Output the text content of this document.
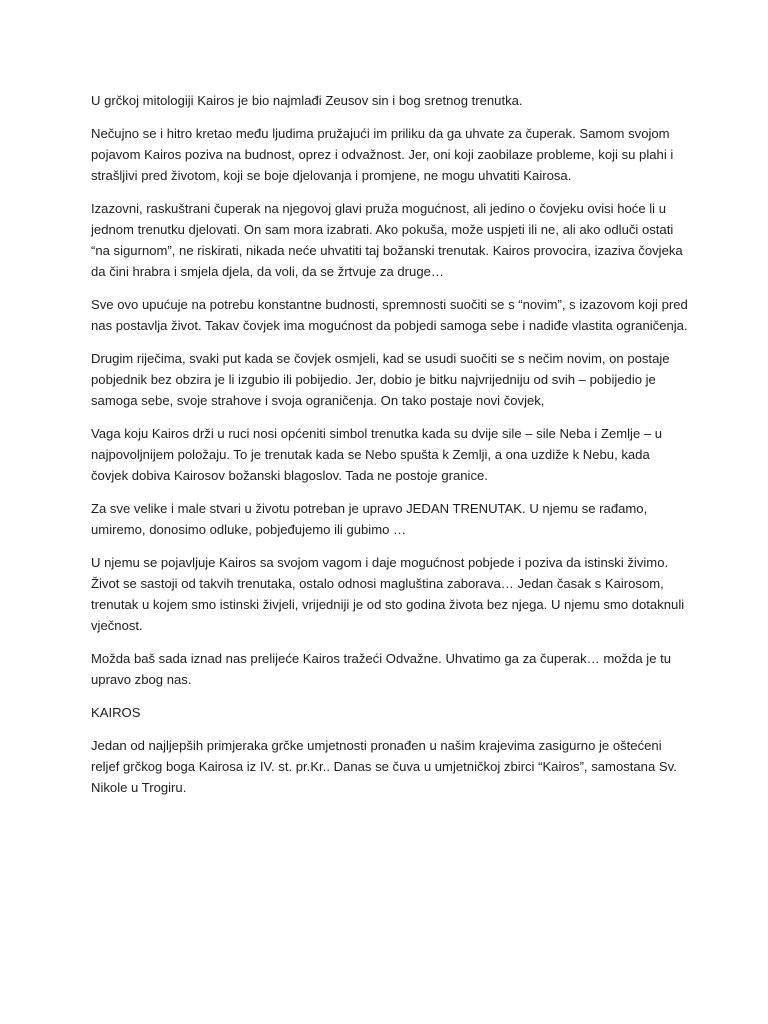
U grčkoj mitologiji Kairos je bio najmlađi Zeusov sin i bog sretnog trenutka.

Nečujno se i hitro kretao među ljudima pružajući im priliku da ga uhvate za čuperak. Samom svojom pojavom Kairos poziva na budnost, oprez i odvažnost. Jer, oni koji zaobilaze probleme, koji su plahi i strašljivi pred životom, koji se boje djelovanja i promjene, ne mogu uhvatiti Kairosa.

Izazovni, raskuštrani čuperak na njegovoj glavi pruža mogućnost, ali jedino o čovjeku ovisi hoće li u jednom trenutku djelovati. On sam mora izabrati. Ako pokuša, može uspjeti ili ne, ali ako odluči ostati “na sigurnom”, ne riskirati, nikada neće uhvatiti taj božanski trenutak. Kairos provocira, izaziva čovjeka da čini hrabra i smjela djela, da voli, da se žrtvuje za druge…

Sve ovo upućuje na potrebu konstantne budnosti, spremnosti suočiti se s “novim”, s izazovom koji pred nas postavlja život. Takav čovjek ima mogućnost da pobjedi samoga sebe i nadiđe vlastita ograničenja.

Drugim riječima, svaki put kada se čovjek osmjeli, kad se usudi suočiti se s nečim novim, on postaje pobjednik bez obzira je li izgubio ili pobijedio. Jer, dobio je bitku najvrijedniju od svih – pobijedio je samoga sebe, svoje strahove i svoja ograničenja. On tako postaje novi čovjek,

Vaga koju Kairos drži u ruci nosi općeniti simbol trenutka kada su dvije sile – sile Neba i Zemlje – u najpovoljnijem položaju. To je trenutak kada se Nebo spušta k Zemlji, a ona uzdiže k Nebu, kada čovjek dobiva Kairosov božanski blagoslov. Tada ne postoje granice.

Za sve velike i male stvari u životu potreban je upravo JEDAN TRENUTAK. U njemu se rađamo, umiremo, donosimo odluke, pobjeđujemo ili gubimo …

U njemu se pojavljuje Kairos sa svojom vagom i daje mogućnost pobjede i poziva da istinski živimo. Život se sastoji od takvih trenutaka, ostalo odnosi magluština zaborava… Jedan časak s Kairosom, trenutak u kojem smo istinski živjeli, vrijedniji je od sto godina života bez njega. U njemu smo dotaknuli vječnost.

Možda baš sada iznad nas prelijeće Kairos tražeći Odvažne. Uhvatimo ga za čuperak… možda je tu upravo zbog nas.

KAIROS

Jedan od najljepših primjeraka grčke umjetnosti pronađen u našim krajevima zasigurno je oštećeni reljef grčkog boga Kairosa iz IV. st. pr.Kr.. Danas se čuva u umjetničkoj zbirci “Kairos”, samostana Sv. Nikole u Trogiru.
